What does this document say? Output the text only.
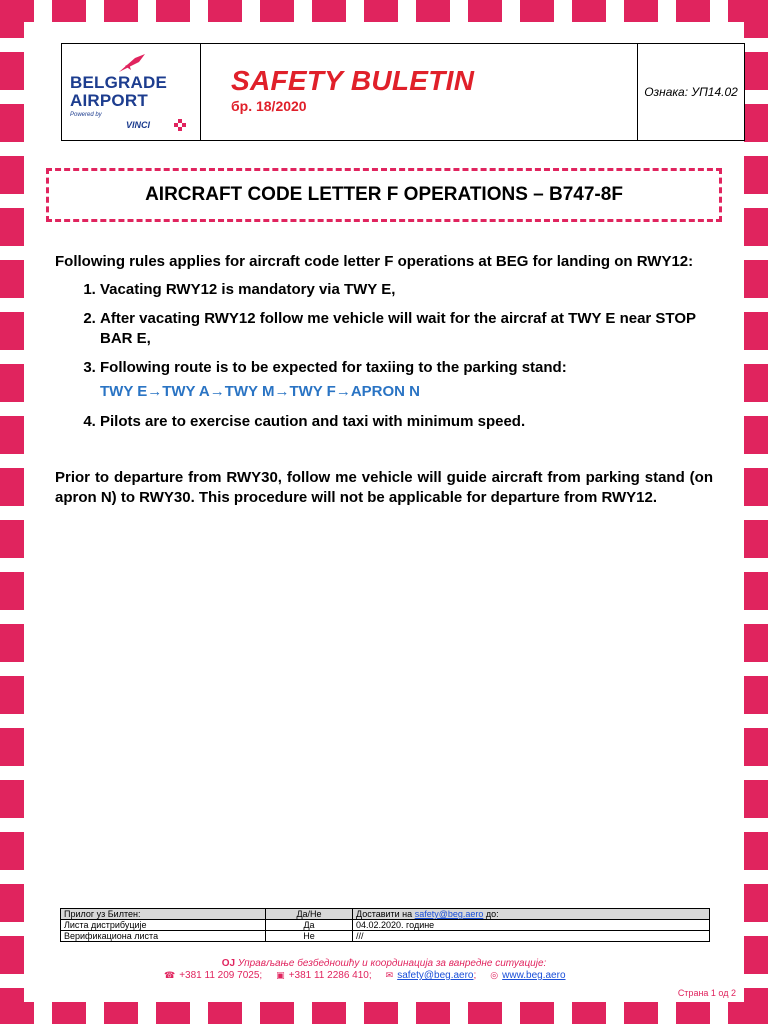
BELGRADE
AIRPORT
Powered by
VINCI
SAFETY BULETIN
бр. 18/2020
Ознака: УП14.02
AIRCRAFT CODE LETTER F OPERATIONS – B747-8F

Following rules applies for aircraft code letter F operations at BEG for landing on RWY12:

1. Vacating RWY12 is mandatory via TWY E,
2. After vacating RWY12 follow me vehicle will wait for the aircraf at TWY E near STOP BAR E,
3. Following route is to be expected for taxiing to the parking stand:
TWY E→TWY A→TWY M→TWY F→APRON N
4. Pilots are to exercise caution and taxi with minimum speed.

Prior to departure from RWY30, follow me vehicle will guide aircraft from parking stand (on apron N) to RWY30. This procedure will not be applicable for departure from RWY12.

Прилог уз Билтен:	Да/Не	Доставити на safety@beg.aero до:
Листа дистрибуције	Да	04.02.2020. године
Верификациона листа	Не	///
ОЈ Управљање безбедношћу и координација за ванредне ситуације:
☎ +381 11 209 7025; ▣ +381 11 2286 410; ✉ safety@beg.aero; ◎ www.beg.aero
Страна 1 од 2
